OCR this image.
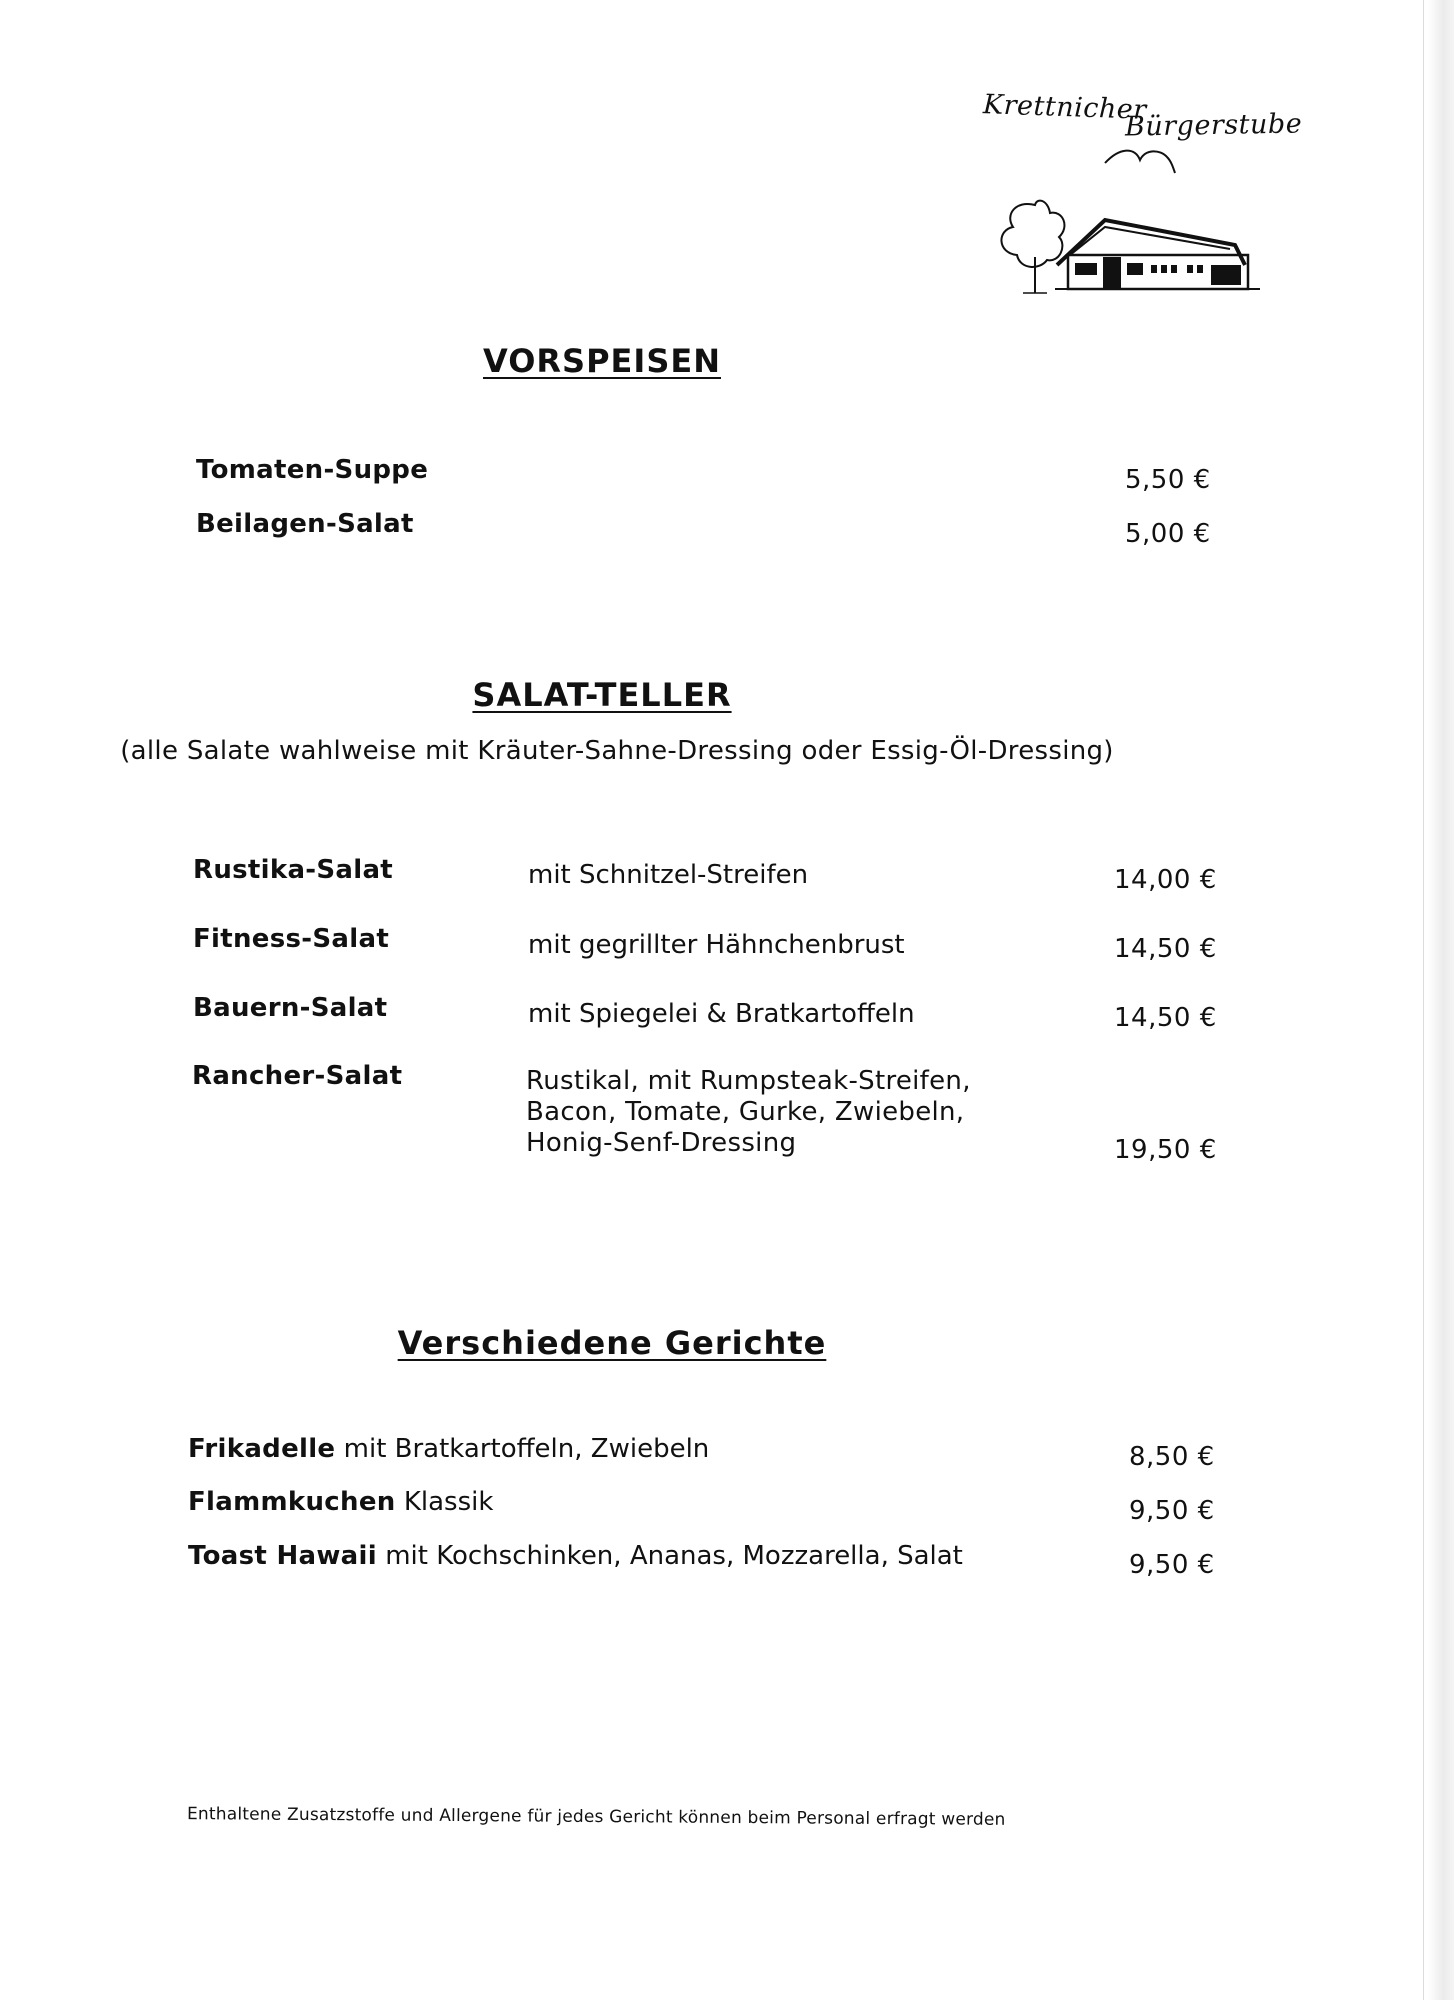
Krettnicher
Bürgerstube
VORSPEISEN
Tomaten-Suppe	5,50 €
Beilagen-Salat	5,00 €
SALAT-TELLER
(alle Salate wahlweise mit Kräuter-Sahne-Dressing oder Essig-Öl-Dressing)
Rustika-Salat	mit Schnitzel-Streifen	14,00 €
Fitness-Salat	mit gegrillter Hähnchenbrust	14,50 €
Bauern-Salat	mit Spiegelei & Bratkartoffeln	14,50 €
Rancher-Salat	Rustikal, mit Rumpsteak-Streifen,
Bacon, Tomate, Gurke, Zwiebeln,
Honig-Senf-Dressing	19,50 €
Verschiedene Gerichte
Frikadelle mit Bratkartoffeln, Zwiebeln	8,50 €
Flammkuchen Klassik	9,50 €
Toast Hawaii mit Kochschinken, Ananas, Mozzarella, Salat	9,50 €
Enthaltene Zusatzstoffe und Allergene für jedes Gericht können beim Personal erfragt werden
